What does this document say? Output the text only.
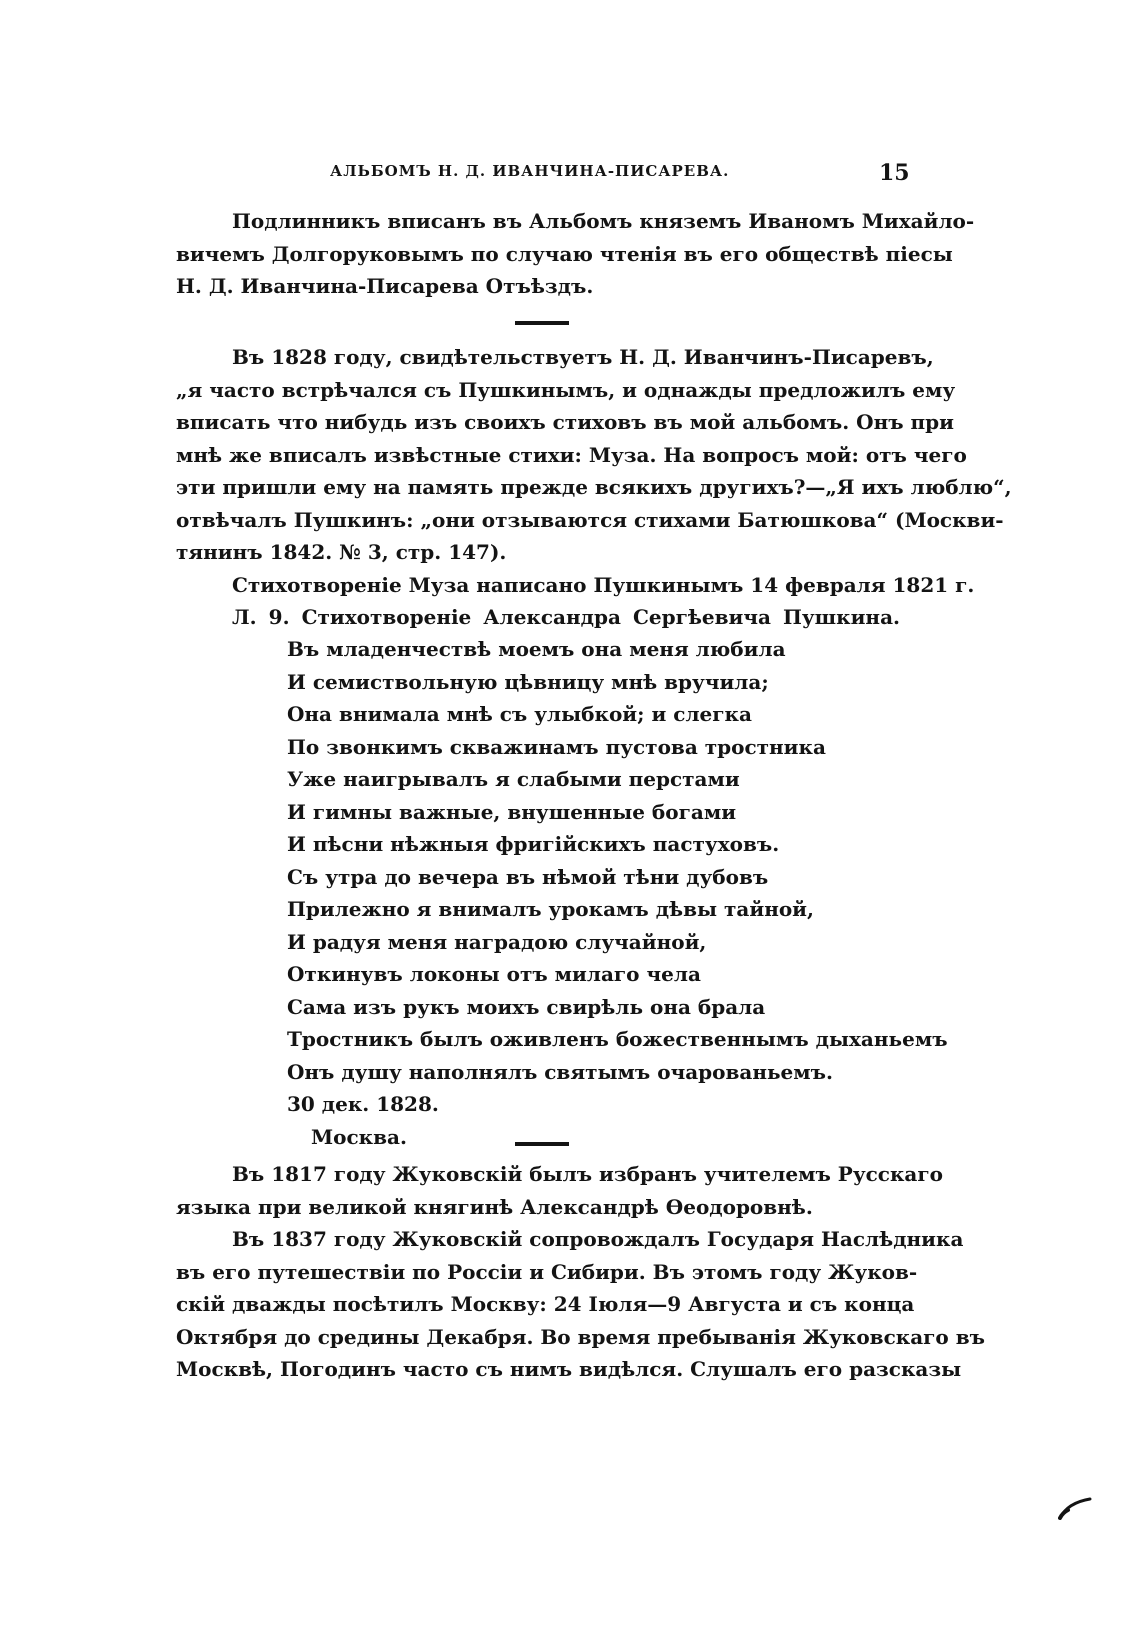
АЛЬБОМЪ Н. Д. ИВАНЧИНА-ПИСАРЕВА.	15
Подлинникъ вписанъ въ Альбомъ княземъ Иваномъ Михайло-
вичемъ Долгоруковымъ по случаю чтенія въ его обществѣ піесы
Н. Д. Иванчина-Писарева Отъѣздъ.
Въ 1828 году, свидѣтельствуетъ Н. Д. Иванчинъ-Писаревъ,
„я часто встрѣчался съ Пушкинымъ, и однажды предложилъ ему
вписать что нибудь изъ своихъ стиховъ въ мой альбомъ. Онъ при
мнѣ же вписалъ извѣстные стихи: Муза. На вопросъ мой: отъ чего
эти пришли ему на память прежде всякихъ другихъ?—„Я ихъ люблю“,
отвѣчалъ Пушкинъ: „они отзываются стихами Батюшкова“ (Москви-
тянинъ 1842. № 3, стр. 147).
Стихотвореніе Муза написано Пушкинымъ 14 февраля 1821 г.
Л. 9. Стихотвореніе Александра Сергѣевича Пушкина.
Въ младенчествѣ моемъ она меня любила
И семиствольную цѣвницу мнѣ вручила;
Она внимала мнѣ съ улыбкой; и слегка
По звонкимъ скважинамъ пустова тростника
Уже наигрывалъ я слабыми перстами
И гимны важные, внушенные богами
И пѣсни нѣжныя фригійскихъ пастуховъ.
Съ утра до вечера въ нѣмой тѣни дубовъ
Прилежно я внималъ урокамъ дѣвы тайной,
И радуя меня наградою случайной,
Откинувъ локоны отъ милаго чела
Сама изъ рукъ моихъ свирѣль она брала
Тростникъ былъ оживленъ божественнымъ дыханьемъ
Онъ душу наполнялъ святымъ очарованьемъ.
30 дек. 1828.
Москва.
Въ 1817 году Жуковскій былъ избранъ учителемъ Русскаго
языка при великой княгинѣ Александрѣ Ѳеодоровнѣ.
Въ 1837 году Жуковскій сопровождалъ Государя Наслѣдника
въ его путешествіи по Россіи и Сибири. Въ этомъ году Жуков-
скій дважды посѣтилъ Москву: 24 Іюля—9 Августа и съ конца
Октября до средины Декабря. Во время пребыванія Жуковскаго въ
Москвѣ, Погодинъ часто съ нимъ видѣлся. Слушалъ его разсказы
